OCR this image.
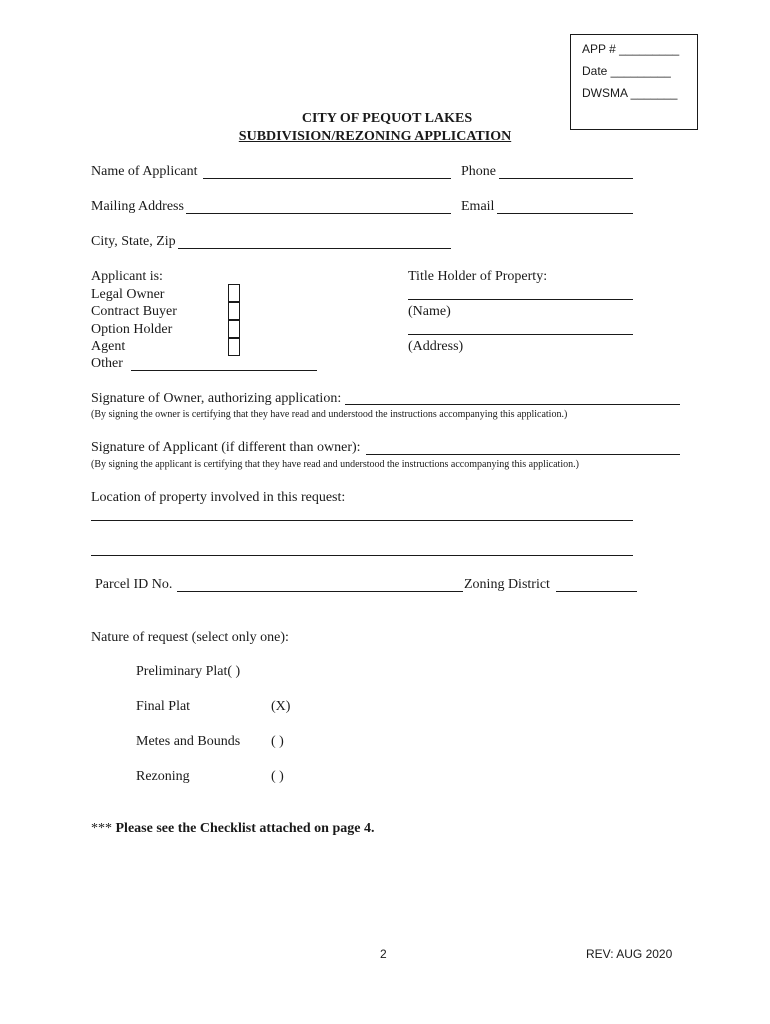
APP # _________
Date _________
DWSMA _______
CITY OF PEQUOT LAKES
SUBDIVISION/REZONING APPLICATION
Name of Applicant	Phone
Mailing Address	Email
City, State, Zip
Applicant is:
Legal Owner
Contract Buyer
Option Holder
Agent
Other
Title Holder of Property:
(Name)
(Address)
Signature of Owner, authorizing application:
(By signing the owner is certifying that they have read and understood the instructions accompanying this application.)
Signature of Applicant (if different than owner):
(By signing the applicant is certifying that they have read and understood the instructions accompanying this application.)
Location of property involved in this request:
Parcel ID No.	Zoning District
Nature of request (select only one):
Preliminary Plat( )
Final Plat	(X)
Metes and Bounds ( )
Rezoning	( )
*** Please see the Checklist attached on page 4.
2	REV: AUG 2020
